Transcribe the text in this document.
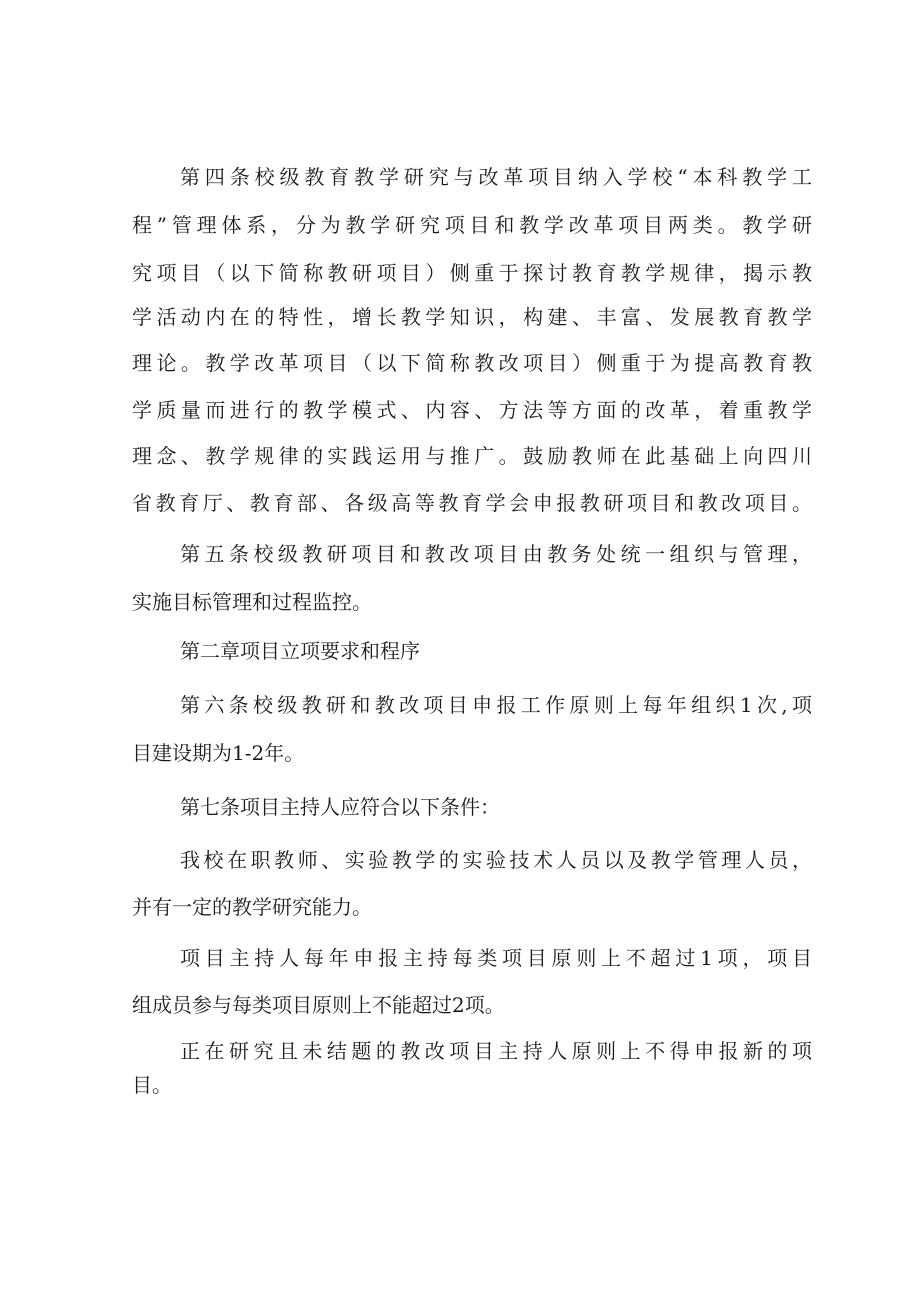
第四条校级教育教学研究与改革项目纳入学校“本科教学工
程”管理体系，分为教学研究项目和教学改革项目两类。教学研
究项目（以下简称教研项目）侧重于探讨教育教学规律，揭示教
学活动内在的特性，增长教学知识，构建、丰富、发展教育教学
理论。教学改革项目（以下简称教改项目）侧重于为提高教育教
学质量而进行的教学模式、内容、方法等方面的改革，着重教学
理念、教学规律的实践运用与推广。鼓励教师在此基础上向四川
省教育厅、教育部、各级高等教育学会申报教研项目和教改项目。
第五条校级教研项目和教改项目由教务处统一组织与管理，
实施目标管理和过程监控。
第二章项目立项要求和程序
第六条校级教研和教改项目申报工作原则上每年组织1次,项
目建设期为1-2年。
第七条项目主持人应符合以下条件：
我校在职教师、实验教学的实验技术人员以及教学管理人员，
并有一定的教学研究能力。
项目主持人每年申报主持每类项目原则上不超过1项，项目
组成员参与每类项目原则上不能超过2项。
正在研究且未结题的教改项目主持人原则上不得申报新的项
目。
